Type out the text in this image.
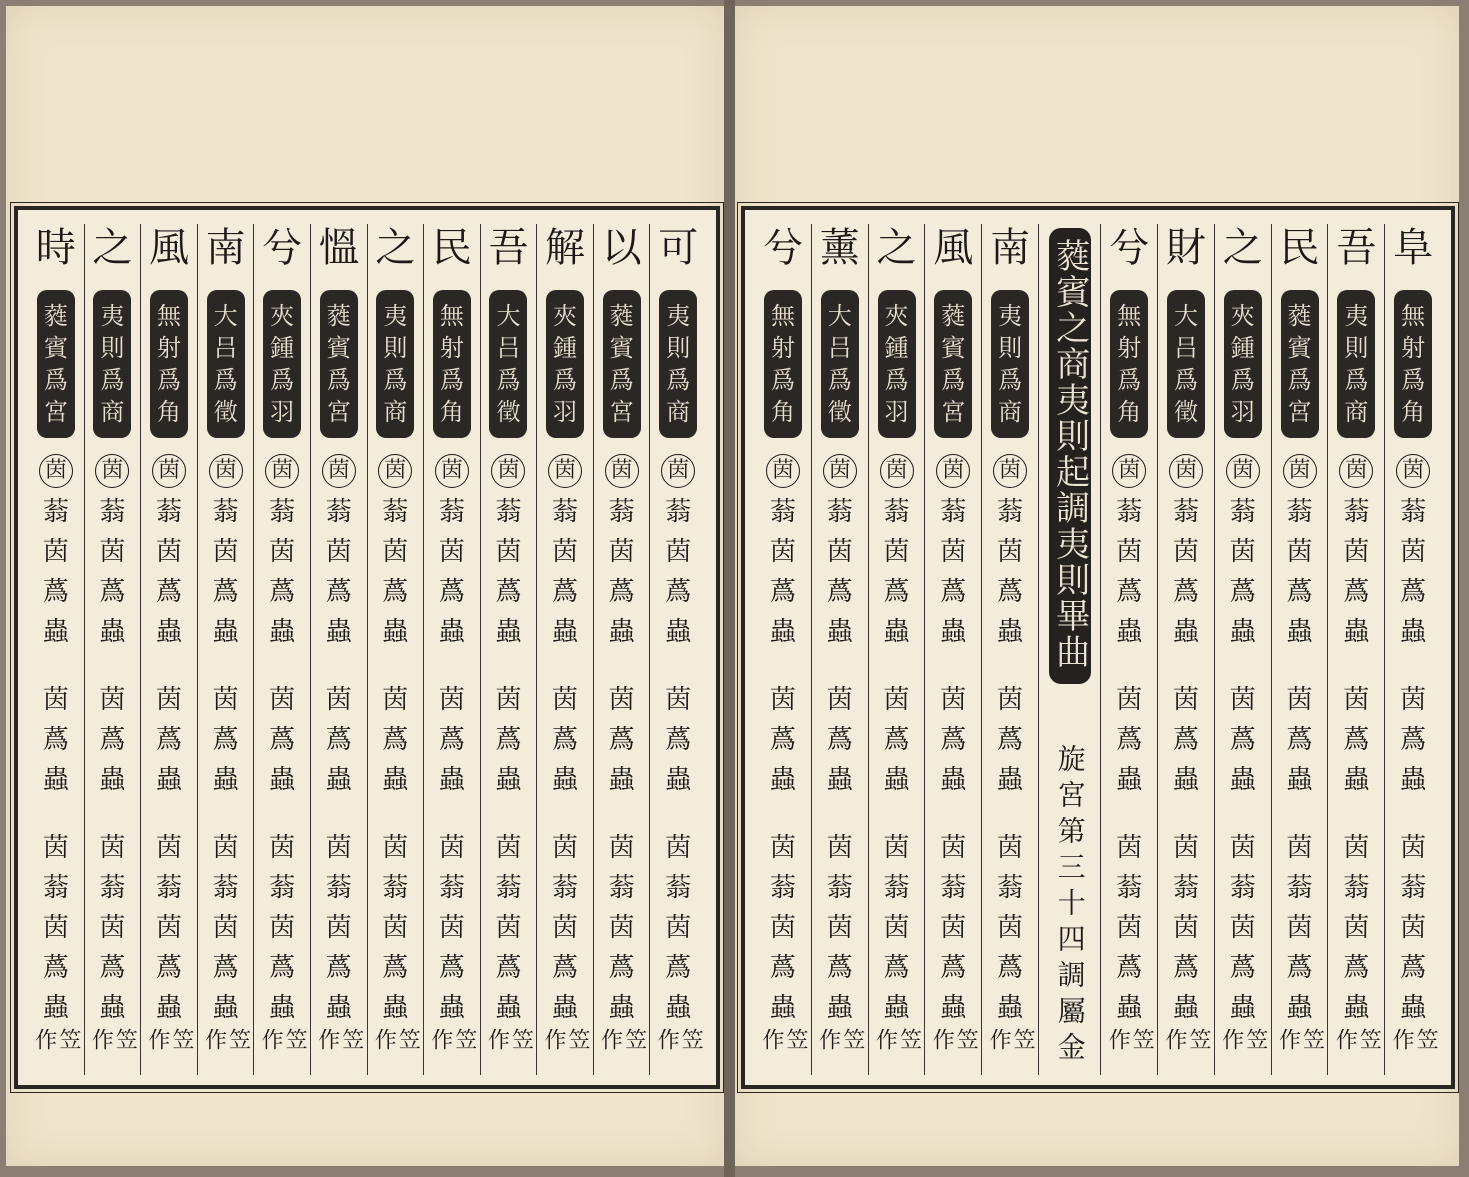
可
夷
則
爲
商
茵
蓊
茵
蔿
蟲
茵
蔿
蟲
茵
蓊
茵
蔿
蟲
笠作
以
蕤
賓
爲
宮
茵
蓊
茵
蔿
蟲
茵
蔿
蟲
茵
蓊
茵
蔿
蟲
笠作
解
夾
鍾
爲
羽
茵
蓊
茵
蔿
蟲
茵
蔿
蟲
茵
蓊
茵
蔿
蟲
笠作
吾
大
吕
爲
徵
茵
蓊
茵
蔿
蟲
茵
蔿
蟲
茵
蓊
茵
蔿
蟲
笠作
民
無
射
爲
角
茵
蓊
茵
蔿
蟲
茵
蔿
蟲
茵
蓊
茵
蔿
蟲
笠作
之
夷
則
爲
商
茵
蓊
茵
蔿
蟲
茵
蔿
蟲
茵
蓊
茵
蔿
蟲
笠作
慍
蕤
賓
爲
宮
茵
蓊
茵
蔿
蟲
茵
蔿
蟲
茵
蓊
茵
蔿
蟲
笠作
兮
夾
鍾
爲
羽
茵
蓊
茵
蔿
蟲
茵
蔿
蟲
茵
蓊
茵
蔿
蟲
笠作
南
大
吕
爲
徵
茵
蓊
茵
蔿
蟲
茵
蔿
蟲
茵
蓊
茵
蔿
蟲
笠作
風
無
射
爲
角
茵
蓊
茵
蔿
蟲
茵
蔿
蟲
茵
蓊
茵
蔿
蟲
笠作
之
夷
則
爲
商
茵
蓊
茵
蔿
蟲
茵
蔿
蟲
茵
蓊
茵
蔿
蟲
笠作
時
蕤
賓
爲
宮
茵
蓊
茵
蔿
蟲
茵
蔿
蟲
茵
蓊
茵
蔿
蟲
笠作
阜
無
射
爲
角
茵
蓊
茵
蔿
蟲
茵
蔿
蟲
茵
蓊
茵
蔿
蟲
笠作
吾
夷
則
爲
商
茵
蓊
茵
蔿
蟲
茵
蔿
蟲
茵
蓊
茵
蔿
蟲
笠作
民
蕤
賓
爲
宮
茵
蓊
茵
蔿
蟲
茵
蔿
蟲
茵
蓊
茵
蔿
蟲
笠作
之
夾
鍾
爲
羽
茵
蓊
茵
蔿
蟲
茵
蔿
蟲
茵
蓊
茵
蔿
蟲
笠作
財
大
吕
爲
徵
茵
蓊
茵
蔿
蟲
茵
蔿
蟲
茵
蓊
茵
蔿
蟲
笠作
兮
無
射
爲
角
茵
蓊
茵
蔿
蟲
茵
蔿
蟲
茵
蓊
茵
蔿
蟲
笠作
蕤賓之商夷則起調夷則畢曲
旋宮第三十四調屬金
南
夷
則
爲
商
茵
蓊
茵
蔿
蟲
茵
蔿
蟲
茵
蓊
茵
蔿
蟲
笠作
風
蕤
賓
爲
宮
茵
蓊
茵
蔿
蟲
茵
蔿
蟲
茵
蓊
茵
蔿
蟲
笠作
之
夾
鍾
爲
羽
茵
蓊
茵
蔿
蟲
茵
蔿
蟲
茵
蓊
茵
蔿
蟲
笠作
薰
大
吕
爲
徵
茵
蓊
茵
蔿
蟲
茵
蔿
蟲
茵
蓊
茵
蔿
蟲
笠作
兮
無
射
爲
角
茵
蓊
茵
蔿
蟲
茵
蔿
蟲
茵
蓊
茵
蔿
蟲
笠作
